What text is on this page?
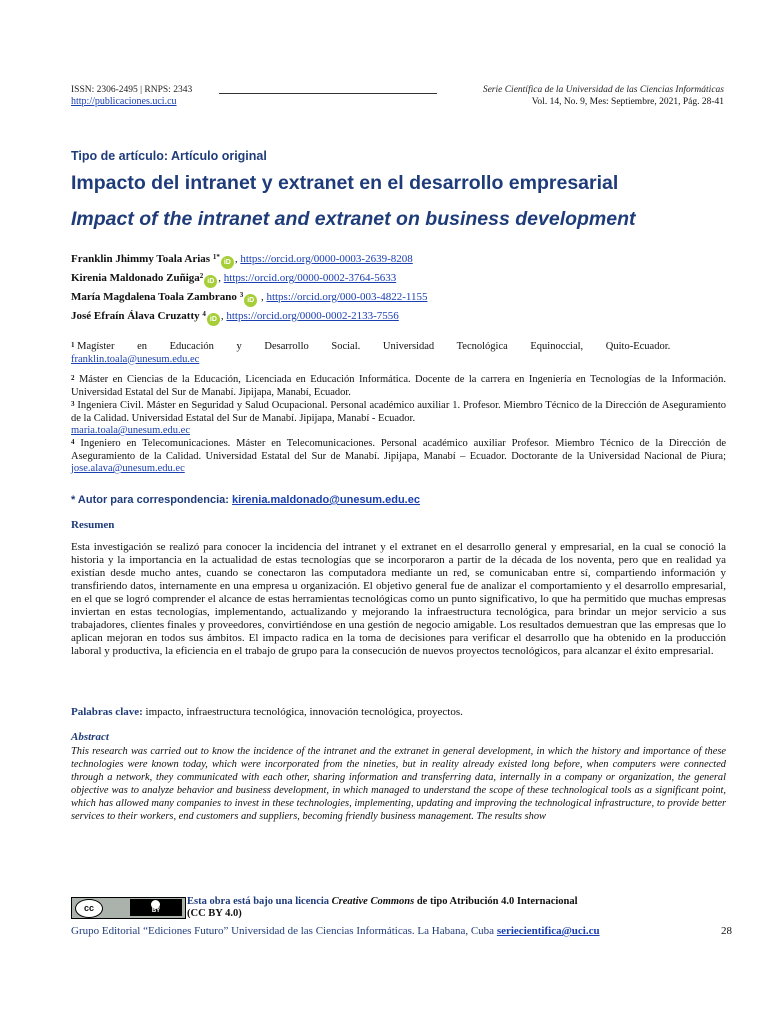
ISSN: 2306-2495 | RNPS: 2343	Serie Científica de la Universidad de las Ciencias Informáticas
http://publicaciones.uci.cu	Vol. 14, No. 9, Mes: Septiembre, 2021, Pág. 28-41
Tipo de artículo: Artículo original
Impacto del intranet y extranet en el desarrollo empresarial
Impact of the intranet and extranet on business development
Franklin Jhimmy Toala Arias $^{1*}$iD , https://orcid.org/0000-0003-2639-8208
Kirenia Maldonado Zuñiga$^2$iD , https://orcid.org/0000-0002-3764-5633
María Magdalena Toala Zambrano $^3$iD , https://orcid.org/000-003-4822-1155
José Efraín Álava Cruzatty $^4$iD , https://orcid.org/0000-0002-2133-7556
$^1$ Magíster en Educación y Desarrollo Social. Universidad Tecnológica Equinoccial, Quito-Ecuador.
franklin.toala@unesum.edu.ec
$^2$ Máster en Ciencias de la Educación, Licenciada en Educación Informática. Docente de la carrera en Ingeniería en Tecnologías de la Información. Universidad Estatal del Sur de Manabí. Jipijapa, Manabí, Ecuador.
$^3$ Ingeniera Civil. Máster en Seguridad y Salud Ocupacional. Personal académico auxiliar 1. Profesor. Miembro Técnico de la Dirección de Aseguramiento de la Calidad. Universidad Estatal del Sur de Manabí. Jipijapa, Manabí - Ecuador.
maria.toala@unesum.edu.ec
$^4$ Ingeniero en Telecomunicaciones. Máster en Telecomunicaciones. Personal académico auxiliar Profesor. Miembro Técnico de la Dirección de Aseguramiento de la Calidad. Universidad Estatal del Sur de Manabí. Jipijapa, Manabí – Ecuador. Doctorante de la Universidad Nacional de Piura; jose.alava@unesum.edu.ec
* Autor para correspondencia: kirenia.maldonado@unesum.edu.ec
Resumen
Esta investigación se realizó para conocer la incidencia del intranet y el extranet en el desarrollo general y empresarial, en la cual se conoció la historia y la importancia en la actualidad de estas tecnologías que se incorporaron a partir de la década de los noventa, pero que en realidad ya existían desde mucho antes, cuando se conectaron las computadora mediante un red, se comunicaban entre sí, compartiendo información y transfiriendo datos, internamente en una empresa u organización. El objetivo general fue de analizar el comportamiento y el desarrollo empresarial, en el que se logró comprender el alcance de estas herramientas tecnológicas como un punto significativo, lo que ha permitido que muchas empresas inviertan en estas tecnologías, implementando, actualizando y mejorando la infraestructura tecnológica, para brindar un mejor servicio a sus trabajadores, clientes finales y proveedores, convirtiéndose en una gestión de negocio amigable. Los resultados demuestran que las empresas que lo aplican mejoran en todos sus ámbitos. El impacto radica en la toma de decisiones para verificar el desarrollo que ha obtenido en la producción laboral y productiva, la eficiencia en el trabajo de grupo para la consecución de nuevos proyectos tecnológicos, para alcanzar el éxito empresarial.
Palabras clave: impacto, infraestructura tecnológica, innovación tecnológica, proyectos.
Abstract
This research was carried out to know the incidence of the intranet and the extranet in general development, in which the history and importance of these technologies were known today, which were incorporated from the nineties, but in reality already existed long before, when computers were connected through a network, they communicated with each other, sharing information and transferring data, internally in a company or organization, the general objective was to analyze behavior and business development, in which managed to understand the scope of these technological tools as a significant point, which has allowed many companies to invest in these technologies, implementing, updating and improving the technological infrastructure, to provide better services to their workers, end customers and suppliers, becoming friendly business management. The results show
cc	BY
Esta obra está bajo una licencia Creative Commons de tipo Atribución 4.0 Internacional
(CC BY 4.0)
Grupo Editorial “Ediciones Futuro” Universidad de las Ciencias Informáticas. La Habana, Cuba seriecientifica@uci.cu	28
